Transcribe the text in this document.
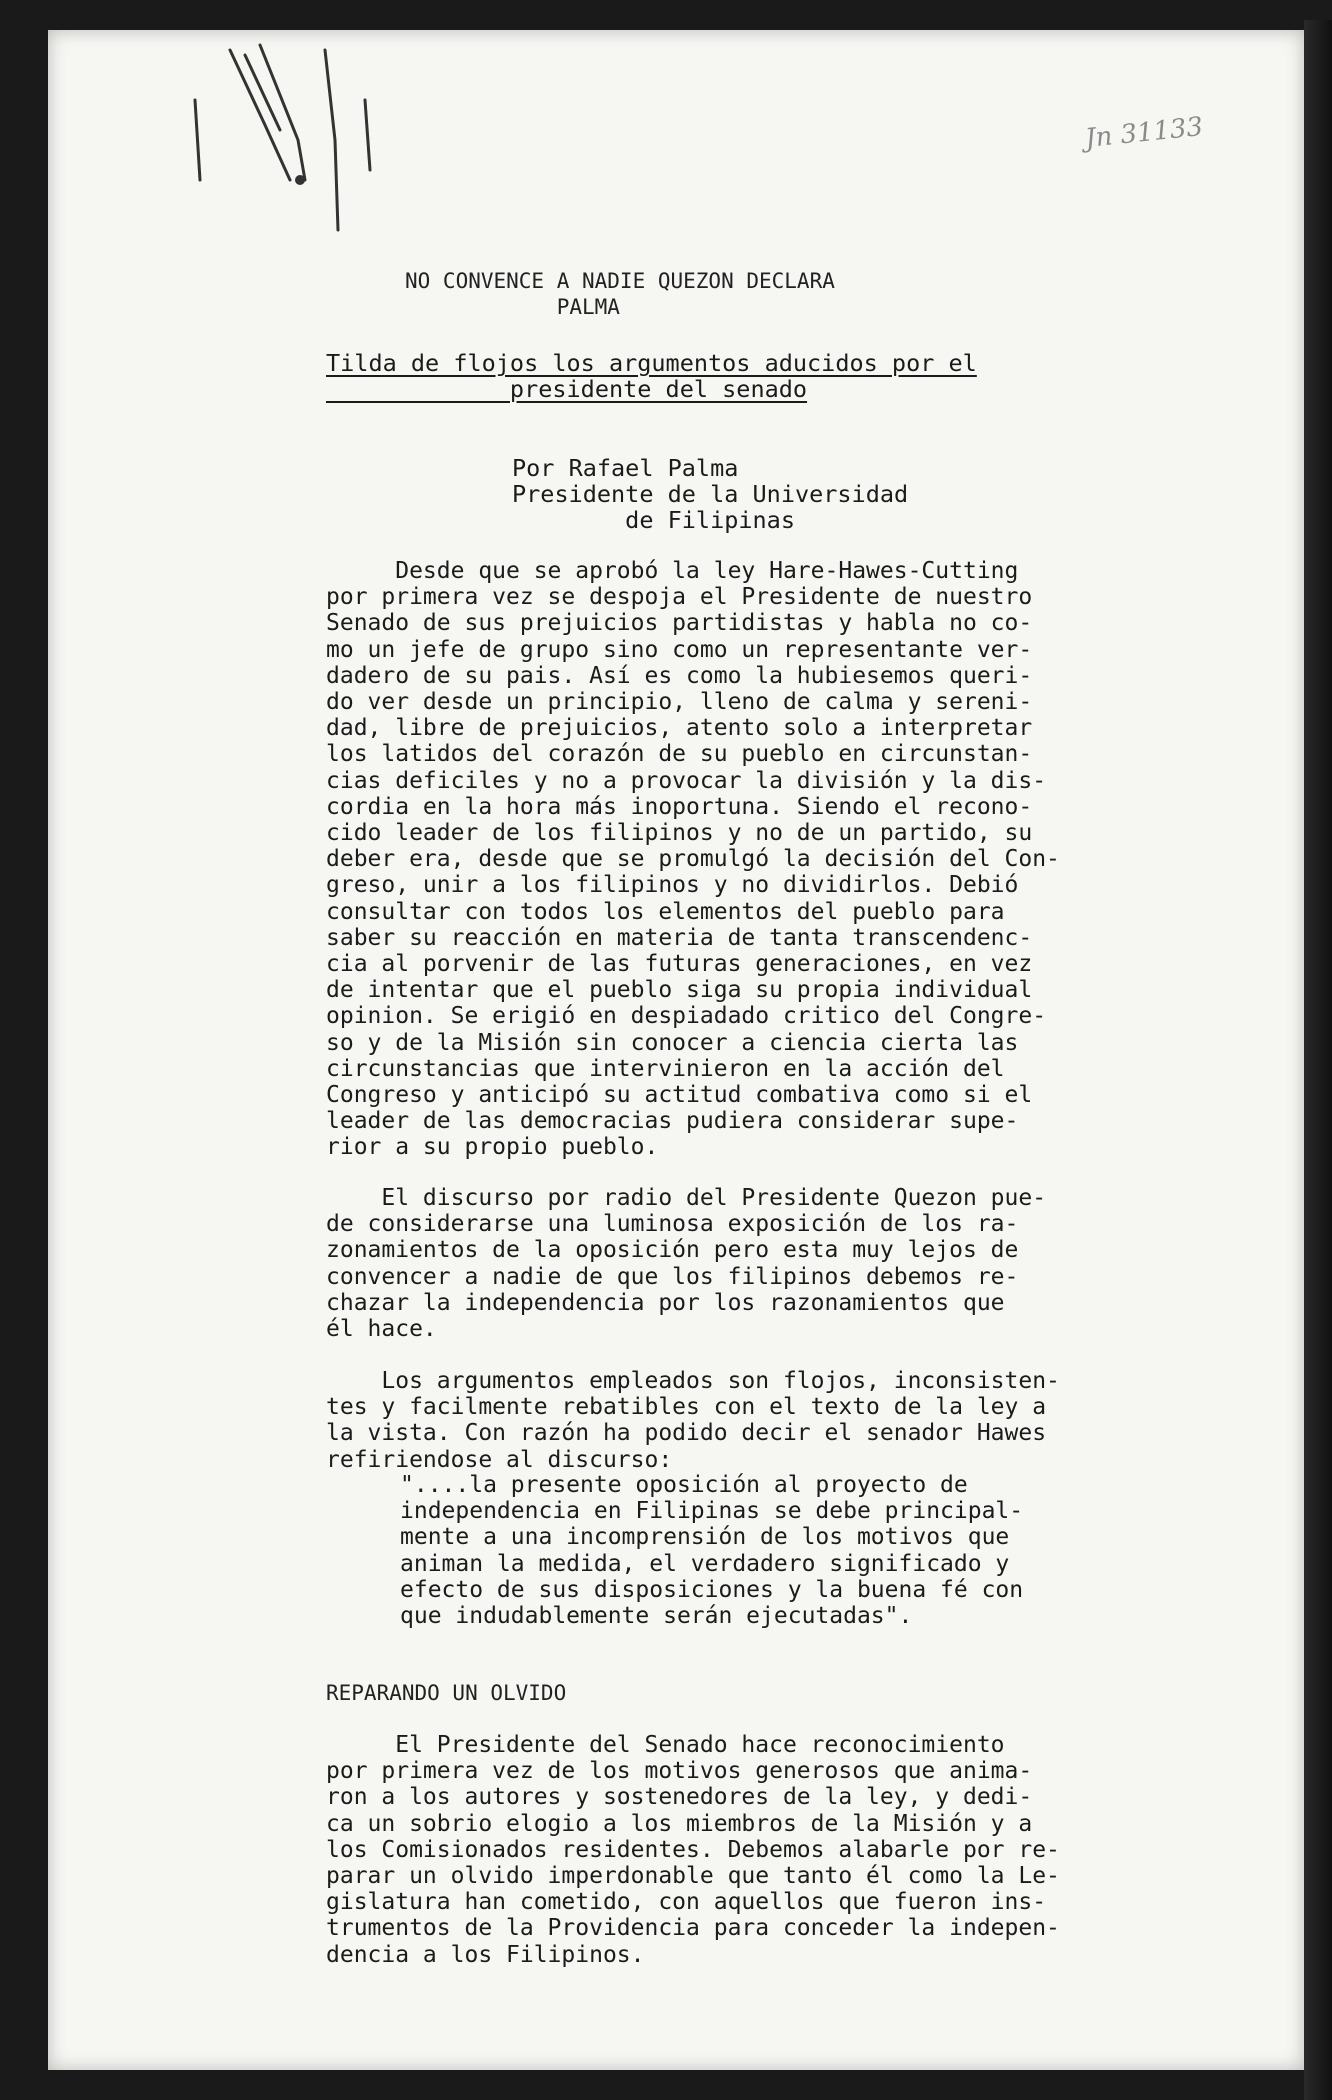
Jn 31133
NO CONVENCE A NADIE QUEZON DECLARA
PALMA
Tilda de flojos los argumentos aducidos por el
presidente del senado
Por Rafael Palma
Presidente de la Universidad
de Filipinas
Desde que se aprobó la ley Hare-Hawes-Cutting
por primera vez se despoja el Presidente de nuestro
Senado de sus prejuicios partidistas y habla no co-
mo un jefe de grupo sino como un representante ver-
dadero de su pais. Así es como la hubiesemos queri-
do ver desde un principio, lleno de calma y sereni-
dad, libre de prejuicios, atento solo a interpretar
los latidos del corazón de su pueblo en circunstan-
cias deficiles y no a provocar la división y la dis-
cordia en la hora más inoportuna. Siendo el recono-
cido leader de los filipinos y no de un partido, su
deber era, desde que se promulgó la decisión del Con-
greso, unir a los filipinos y no dividirlos. Debió
consultar con todos los elementos del pueblo para
saber su reacción en materia de tanta transcendenc-
cia al porvenir de las futuras generaciones, en vez
de intentar que el pueblo siga su propia individual
opinion. Se erigió en despiadado critico del Congre-
so y de la Misión sin conocer a ciencia cierta las
circunstancias que intervinieron en la acción del
Congreso y anticipó su actitud combativa como si el
leader de las democracias pudiera considerar supe-
rior a su propio pueblo.
El discurso por radio del Presidente Quezon pue-
de considerarse una luminosa exposición de los ra-
zonamientos de la oposición pero esta muy lejos de
convencer a nadie de que los filipinos debemos re-
chazar la independencia por los razonamientos que
él hace.
Los argumentos empleados son flojos, inconsisten-
tes y facilmente rebatibles con el texto de la ley a
la vista. Con razón ha podido decir el senador Hawes
refiriendose al discurso:
"....la presente oposición al proyecto de
independencia en Filipinas se debe principal-
mente a una incomprensión de los motivos que
animan la medida, el verdadero significado y
efecto de sus disposiciones y la buena fé con
que indudablemente serán ejecutadas".
REPARANDO UN OLVIDO
El Presidente del Senado hace reconocimiento
por primera vez de los motivos generosos que anima-
ron a los autores y sostenedores de la ley, y dedi-
ca un sobrio elogio a los miembros de la Misión y a
los Comisionados residentes. Debemos alabarle por re-
parar un olvido imperdonable que tanto él como la Le-
gislatura han cometido, con aquellos que fueron ins-
trumentos de la Providencia para conceder la indepen-
dencia a los Filipinos.
